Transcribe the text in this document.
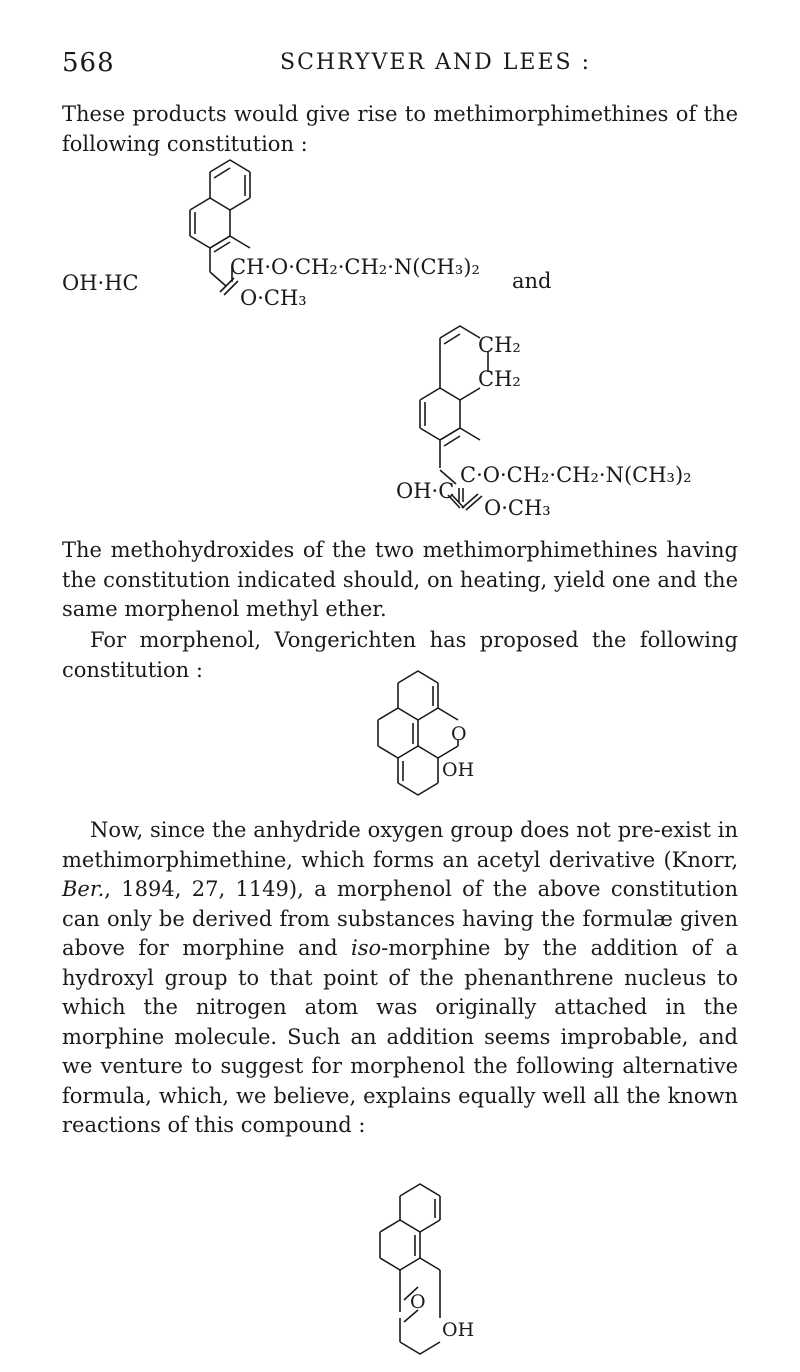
568	SCHRYVER AND LEES :

These products would give rise to methimorphimethines of the following constitution :

CH·O·CH₂·CH₂·N(CH₃)₂
OH·HC
O·CH₃
and
CH₂
CH₂
C·O·CH₂·CH₂·N(CH₃)₂
OH·C
O·CH₃

The methohydroxides of the two methimorphimethines having the constitution indicated should, on heating, yield one and the same morphenol methyl ether.

For morphenol, Vongerichten has proposed the following constitution :

O
OH

Now, since the anhydride oxygen group does not pre-exist in methimorphimethine, which forms an acetyl derivative (Knorr, Ber., 1894, 27, 1149), a morphenol of the above constitution can only be derived from substances having the formulæ given above for morphine and iso-morphine by the addition of a hydroxyl group to that point of the phenanthrene nucleus to which the nitrogen atom was originally attached in the morphine molecule. Such an addition seems improbable, and we venture to suggest for morphenol the following alternative formula, which, we believe, explains equally well all the known reactions of this compound :

O
OH
